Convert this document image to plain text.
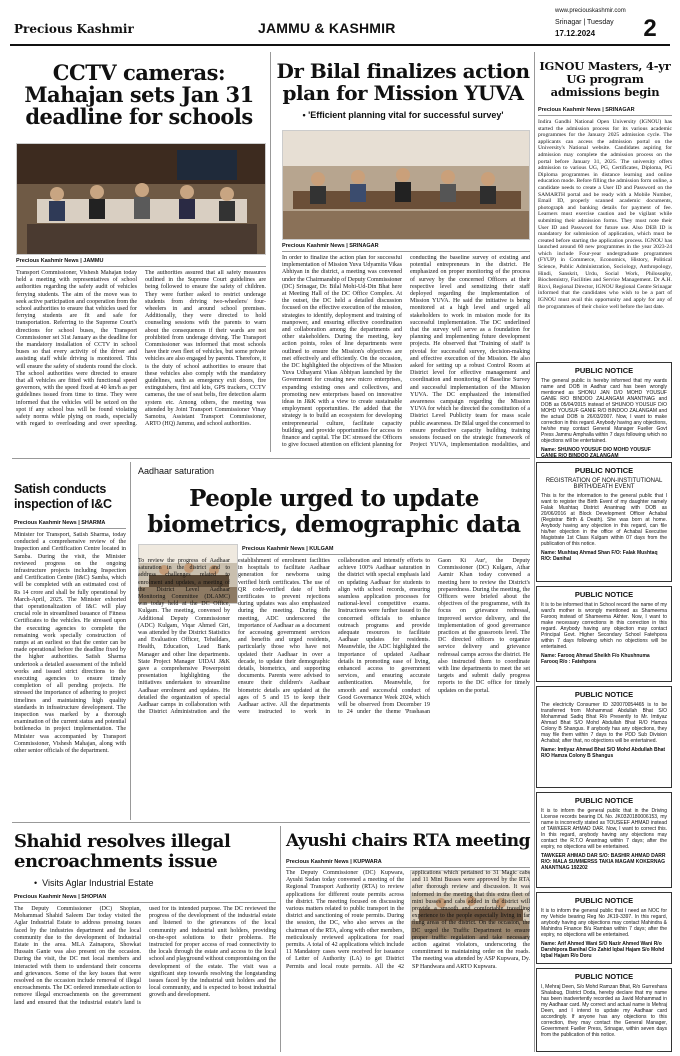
Precious Kashmir	JAMMU & KASHMIR
www.preciouskashmir.com
Srinagar | Tuesday
17.12.2024	2
CCTV cameras: Mahajan sets Jan 31 deadline for schools
Precious Kashmir News | JAMMU
Transport Commissioner, Vishesh Mahajan today held a meeting with representatives of school authorities regarding the safety audit of vehicles ferrying students. The aim of the move was to seek active participation and cooperation from the school authorities to ensure that vehicles used for ferrying students are fit and safe for transportation. Referring to the Supreme Court's directions for school buses, the Transport Commissioner set 31st January as the deadline for the mandatory installation of CCTV in school buses so that every activity of the driver and assisting staff while driving is monitored. This will ensure the safety of students round the clock. The school authorities were directed to ensure that all vehicles are fitted with functional speed governors, with the speed fixed at 40 km/h as per guidelines issued from time to time. They were informed that the vehicles will be seized on the spot if any school bus will be found violating safety norms while plying on roads, especially with regard to overloading and over speeding. The authorities assured that all safety measures outlined in the Supreme Court guidelines are being followed to ensure the safety of children. They were further asked to restrict underage students from driving two-wheelers/ four-wheelers in and around school premises. Additionally, they were directed to hold counseling sessions with the parents to warn about the consequences if their wards are not prohibited from underage driving. The Transport Commissioner was informed that most schools have their own fleet of vehicles, but some private vehicles are also engaged by parents. Therefore, it is the duty of school authorities to ensure that these vehicles also comply with the mandatory guidelines, such as emergency exit doors, fire extinguishers, first aid kits, GPS trackers, CCTV cameras, the use of seat belts, fire detection alarm system etc. Among others, the meeting was attended by Joint Transport Commissioner Vinay Samotra, Assistant Transport Commissioner, ARTO (HQ) Jammu, and school authorities.
Dr Bilal finalizes action plan for Mission YUVA
• 'Efficient planning vital for successful survey'
Precious Kashmir News | SRINAGAR
In order to finalize the action plan for successful implementation of Mission Yuva Udyamita Vikas Abhiyan in the district, a meeting was convened under the Chairmanship of Deputy Commissioner (DC) Srinagar, Dr. Bilal Mohi-Ud-Din Bhat here at Meeting Hall of the DC Office Complex. At the outset, the DC held a detailed discussion focused on the effective execution of the mission, strategies to identify, deployment and training of manpower, and ensuring effective coordination and collaboration among the departments and other stakeholders. During the meeting, key action points, roles of line departments were outlined to ensure the Mission's objectives are met effectively and efficiently. On the occasion, the DC highlighted the objectives of the Mission Yuva Udhayami Vikas Abhiyan launched by the Government for creating new micro enterprises, expanding existing ones and collectives, and promoting new enterprises based on innovative ideas in J&K with a view to create sustainable employment opportunities. He added that the strategy is to build an ecosystem for developing entrepreneurial culture, facilitate capacity building, and provide opportunities for access to finance and capital. The DC stressed the Officers to give focused attention on efficient planning for conducting the baseline survey of existing and potential entrepreneurs in the district. He emphasized on proper monitoring of the process of survey by the concerned Officers at their respective level and sensitizing their staff deployed regarding the implementation of Mission YUVA. He said the initiative is being monitored at a high level and urged all stakeholders to work in mission mode for its successful implementation. The DC underlined that the survey will serve as a foundation for planning and implementing future development projects. He observed that 'Training of staff' is pivotal for successful survey, decision-making and effective execution of the Mission. He also asked for setting up a robust Control Room at District level for effective management and coordination and monitoring of Baseline Survey and successful implementation of the Mission YUVA. The DC emphasized the intensified awareness campaign regarding the Mission YUVA for which he directed the constitution of a District Level Publicity team for mass scale public awareness. Dr Bilal urged the concerned to ensure productive capacity building training sessions focused on the strategic framework of Project YUVA, implementation modalities, and
IGNOU Masters, 4-yr UG program admissions begin
Precious Kashmir News | SRINAGAR
Indira Gandhi National Open University (IGNOU) has started the admission process for its various academic programmes for the January 2025 admission cycle. The applicants can access the admission portal on the University's National website. Candidates aspiring for admission may complete the admission process on the portal before January 31, 2025. The university offers admission to various UG, PG, Certificates, Diploma, PG Diploma programmes in distance learning and online education mode. Before filling the admission form online, a candidate needs to create a User ID and Password on the SAMARTH portal and be ready with a Mobile Number, Email ID, properly scanned academic documents, photograph and banking details for payment of fee. Learners must exercise caution and be vigilant while submitting their admission forms. They must note their User ID and Password for future use. Also DEB ID is mandatory for submission of application, which must be created before starting the application process. IGNOU has launched around 60 new programmes in the year 2023-24 which include Four-year undergraduate programmes (FYUP) in Commerce, Economics, History, Political Science, Public Administration, Sociology, Anthropology, Hindi, Sanskrit, Urdu, Social Work, Philosophy, Biochemistry, Facilities and Service Management. Dr A.H. Rizvi, Regional Director, IGNOU Regional Centre Srinagar informed that the candidates who wish to be a part of IGNOU must avail this opportunity and apply for any of the programmes of their choice well before the last date.
PUBLIC NOTICE
The general public is hereby informed that my wards name and DOB in Aadhar card has been wrongly mentioned as SHONU JAN D/O MOHD YOUSUF GANIE R/O BINDOO ZALANGAM ANANTNAG and DOB as 05/04/2015 instead of SHUNOO YOUSUF D/O MOHD YOUSUF GANIE R/O BINDOO ZALANGAM and the actual DOB is 26/03/2007. Now, I want to make correction in this regard. Anybody having any objections, he/she may contact General Manager Fueller Govt Press Jammu Amphalla within 7 days following which no objections will be entertained.
Name: SHUNOO YOUSUF D/O MOHD YOUSUF GANIE R/O BINDOO ZALANGAM
PUBLIC NOTICE
REGISTRATION OF NON-INSTITUTIONAL BIRTH/DEATH EVENT
This is for the information to the general public that I want to register the Birth Event of my daughter namely Falak Mushtaq District Anantnag with DOB as 20/06/2016 at Block Development Officer Achabal (Registrar Birth & Death). She was born at home. Anybody having any objection in this regard, can file his/her objection in the office of Achabal Executive Magistrate 1st Class Kulgam within 07 days from the publication of this notice.
Name: Mushtaq Ahmad Shan F/O: Falak Mushtaq R/O: Danihal
PUBLIC NOTICE
It is to be informed that in School record the name of my ward's mother is wrongly mentioned as Shameema Farooq instead of Shameema Akhter. Now, I want to make necessary corrections in this correction in this regard. Anybody having any objection may contact Principal Govt. Higher Secondary School Fatehpora within 7 days following which no objections will be entertained.
Name: Farooq Ahmad Sheikh F/o Khushnuma Farooq R/o : Fatehpora
PUBLIC NOTICE
The electricity Consumer ID 320070054465 is to be transferred from Mohammad Abdullah Bhat S/O Mohammad Sadiq Bhat R/o Presently to Mr. Imtiyaz Ahmad Bhat S/O Mohd Abdullah Bhat R/O Hamza Colony B Shangus. If anybody has any objections, they may file them within 7 days to the PDD Sub Division Achabal; after that, no objections will be entertained.
Name: Imtiyaz Ahmad Bhat S/O Mohd Abdullah Bhat R/O Hamza Colony B Shangus
PUBLIC NOTICE
It is to inform the general public that in the Driving License records bearing DL No. JK0320180006153, my name is incorrectly stated as TOUSEEF AHMAD instead of TAWKEER AHMAD DAR. Now, I want to correct this. In this regard, anybody having any objections may contact the R.T.O Anantnag within 7 days; after the expiry, no objections will be entertained.
TAWKEER AHMAD DAR S/O: BASHIR AHMAD DARR R/O: MALA SUMMERSS TAKIA MAGAM KOKERNAG ANANTNAG 192202
PUBLIC NOTICE
It is to inform the general public that I need an NOC for my Vehicle bearing Reg No JK19-3397. In this regard, anybody having any objections may contact Mahindra & Mahindra Finance B/u Ramban within 7 days; after the expiry, no objections will be entertained.
Name: Arif Ahmed Wani S/O Nazir Ahmed Wani R/o Darshipora Banihal C/o Zahid Iqbal Hajam S/o Mohd Iqbal Hajam R/o Doru
PUBLIC NOTICE
I, Mehraj Deen, S/o Mohd Ramzan Bhat, R/o Gurreshara Shalabug, District Doda, hereby declare that my name has been inadvertently recorded as Javid Mohammad in my Aadhaar card. My correct and actual name is Mehraj Deen, and I intend to update my Aadhaar card accordingly. If anyone has any objections to this correction, they may contact the General Manager, Government Fueller Press, Srinagar, within seven days from the publication of this notice.
Satish conducts inspection of I&C
Precious Kashmir News | SHARMA
Minister for Transport, Satish Sharma, today conducted a comprehensive review of the Inspection and Certification Centre located in Samba. During the visit, the Minister reviewed progress on the ongoing infrastructure projects including Inspection and Certification Centre (I&C) Samba, which will be completed with an estimated cost of Rs 14 crore and shall be fully operational by March-April, 2025. The Minister exhorted that operationalization of I&C will play crucial role in streamlined issuance of Fitness Certificates to the vehicles. He stressed upon the executing agencies to complete the remaining work specially construction of ramps at an earliest so that the center can be made operational before the deadline fixed by the higher authorities. Satish Sharma undertook a detailed assessment of the infield works and issued strict directions to the executing agencies to ensure timely completion of all pending projects. He stressed the importance of adhering to project timelines and maintaining high quality standards in infrastructure development. The inspection was marked by a thorough examination of the current status and potential bottlenecks in project implementation. The Minister was accompanied by Transport Commissioner, Vishesh Mahajan, along with other senior officials of the department.
Aadhaar saturation
People urged to update biometrics, demographic data
Precious Kashmir News | KULGAM
To review the progress of Aadhaar saturation in the district and to address challenges related to enrolment and updates, a meeting of the District Level Aadhaar Monitoring Committee (DLAMC) was today held at the DC Office, Kulgam. The meeting, convened by Additional Deputy Commissioner (ADC) Kulgam, Viqar Ahmed Giri, was attended by the District Statistics and Evaluation Officer, Tehsildars, Health, Education, Lead Bank Manager and other line departments. State Project Manager UIDAI J&K gave a comprehensive Powerpoint presentation highlighting the initiatives undertaken to streamline Aadhaar enrolment and updates. He detailed the organization of special Aadhaar camps in collaboration with the District Administration and the establishment of enrolment facilities in hospitals to facilitate Aadhaar generation for newborns using verified birth certificates. The use of QR code-verified date of birth certificates to prevent rejections during updates was also emphasized during the meeting. During the meeting, ADC underscored the importance of Aadhaar as a document for accessing government services and benefits and urged residents, particularly those who have not updated their Aadhaar in over a decade, to update their demographic details, biometrics, and supporting documents. Parents were advised to ensure their children's Aadhaar biometric details are updated at the ages of 5 and 15 to keep their Aadhaar active. All the departments were instructed to work in collaboration and intensify efforts to achieve 100% Aadhaar saturation in the district with special emphasis laid on updating Aadhaar for students to align with school records, ensuring seamless application processes for national-level competitive exams. Instructions were further issued to the concerned officials to enhance outreach programs and provide adequate resources to facilitate Aadhaar updates for residents. Meanwhile, the ADC highlighted the importance of updated Aadhaar details in promoting ease of living, enhanced access to government services, and ensuring accurate authentication. Meanwhile, for smooth and successful conduct of Good Governance Week 2024, which will be observed from December 19 to 24 under the theme 'Prashasan Gaon Ki Aur', the Deputy Commissioner (DC) Kulgam, Athar Aamir Khan today convened a meeting here to review the District's preparedness. During the meeting, the Officers were briefed about the objectives of the programme, with its focus on grievance redressal, improved service delivery, and the implementation of good governance practices at the grassroots level. The DC directed officers to organize service delivery and grievance redressal camps across the district. He also instructed them to coordinate with line departments to meet the set targets and submit daily progress reports to the DC office for timely updates on the portal.
Shahid resolves illegal encroachments issue
•  Visits Aglar Industrial Estate
Precious Kashmir News | SHOPIAN
The Deputy Commissioner (DC) Shopian, Mohammad Shahid Saleem Dar today visited the Aglar Industrial Estate to address pressing issues faced by the industries department and the local community due to the development of Industrial Estate in the area. MLA Zainapora, Showkat Hussain Ganie was also present on the occasion. During the visit, the DC met local members and interacted with them to understand their concerns and grievances. Some of the key issues that were resolved on the occasion include removal of illegal encroachments. The DC ordered immediate action to remove illegal encroachments on the government land and ensured that the industrial estate's land is used for its intended purpose. The DC reviewed the progress of the development of the industrial estate and listened to the grievances of the local community and industrial unit holders, providing on-the-spot solutions to their problems. He instructed for proper access of road connectivity to the locals through the estate and access to the local school and playground without compromising on the development of the estate. The visit was a significant step towards resolving the longstanding issues faced by the industrial unit holders and the local community, and is expected to boost industrial growth and development.
Ayushi chairs RTA meeting
Precious Kashmir News | KUPWARA
The Deputy Commissioner (DC) Kupwara, Ayushi Sudan today convened a meeting of the Regional Transport Authority (RTA) to review applications for different route permits across the district. The meeting focused on discussing various matters related to public transport in the district and sanctioning of route permits. During the session, the DC, who also serves as the chairman of the RTA, along with other members, meticulously reviewed applications for road permits. A total of 42 applications which include 11 Mandatory cases were received for issuance of Letter of Authority (LA) to get District Permits and local route permits. All the 42 applications which pertained to 31 Magic cabs and 11 Mini Busses were approved by the RTA after thorough review and discussion. It was informed in the meeting that this extra fleet of mini busses and cabs added in the district will provide a smooth and comfortable travelling experience to the people especially living in far flung areas of the district. On the occasion, the DC urged the Traffic Department to ensure proper traffic regulation and take necessary action against violators, underscoring the commitment to maintaining order on the roads. The meeting was attended by ASP Kupwara, Dy. SP Handwara and ARTO Kupwara.
